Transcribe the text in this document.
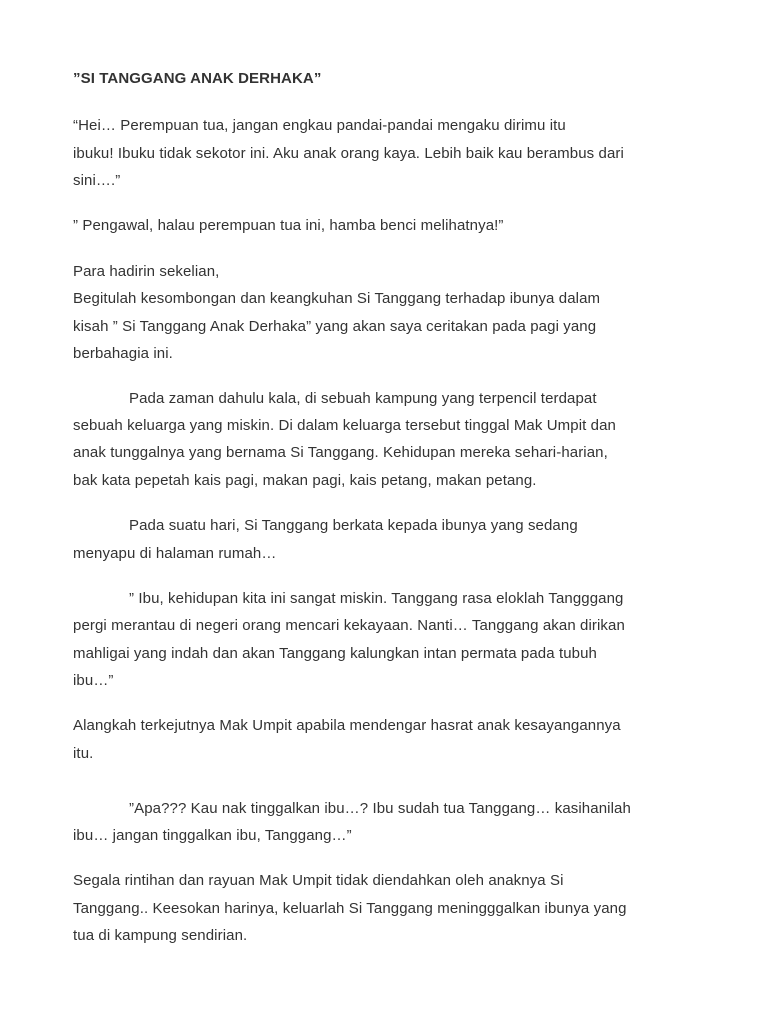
”SI TANGGANG ANAK DERHAKA”
“Hei… Perempuan tua, jangan engkau pandai-pandai mengaku dirimu itu
ibuku! Ibuku tidak sekotor ini. Aku anak orang kaya. Lebih baik kau berambus dari
sini….”
” Pengawal, halau perempuan tua ini, hamba benci melihatnya!”
Para hadirin sekelian,
Begitulah kesombongan dan keangkuhan Si Tanggang terhadap ibunya dalam
kisah ” Si Tanggang Anak Derhaka” yang akan saya ceritakan pada pagi yang
berbahagia ini.
Pada zaman dahulu kala, di sebuah kampung yang terpencil terdapat
sebuah keluarga yang miskin. Di dalam keluarga tersebut tinggal Mak Umpit dan
anak tunggalnya yang bernama Si Tanggang. Kehidupan mereka sehari-harian,
bak kata pepetah kais pagi, makan pagi, kais petang, makan petang.
Pada suatu hari, Si Tanggang berkata kepada ibunya yang sedang
menyapu di halaman rumah…
” Ibu, kehidupan kita ini sangat miskin. Tanggang rasa eloklah Tangggang
pergi merantau di negeri orang mencari kekayaan. Nanti… Tanggang akan dirikan
mahligai yang indah dan akan Tanggang kalungkan intan permata pada tubuh
ibu…”
Alangkah terkejutnya Mak Umpit apabila mendengar hasrat anak kesayangannya
itu.
”Apa??? Kau nak tinggalkan ibu…? Ibu sudah tua Tanggang… kasihanilah
ibu… jangan tinggalkan ibu, Tanggang…”
Segala rintihan dan rayuan Mak Umpit tidak diendahkan oleh anaknya Si
Tanggang.. Keesokan harinya, keluarlah Si Tanggang meningggalkan ibunya yang
tua di kampung sendirian.
